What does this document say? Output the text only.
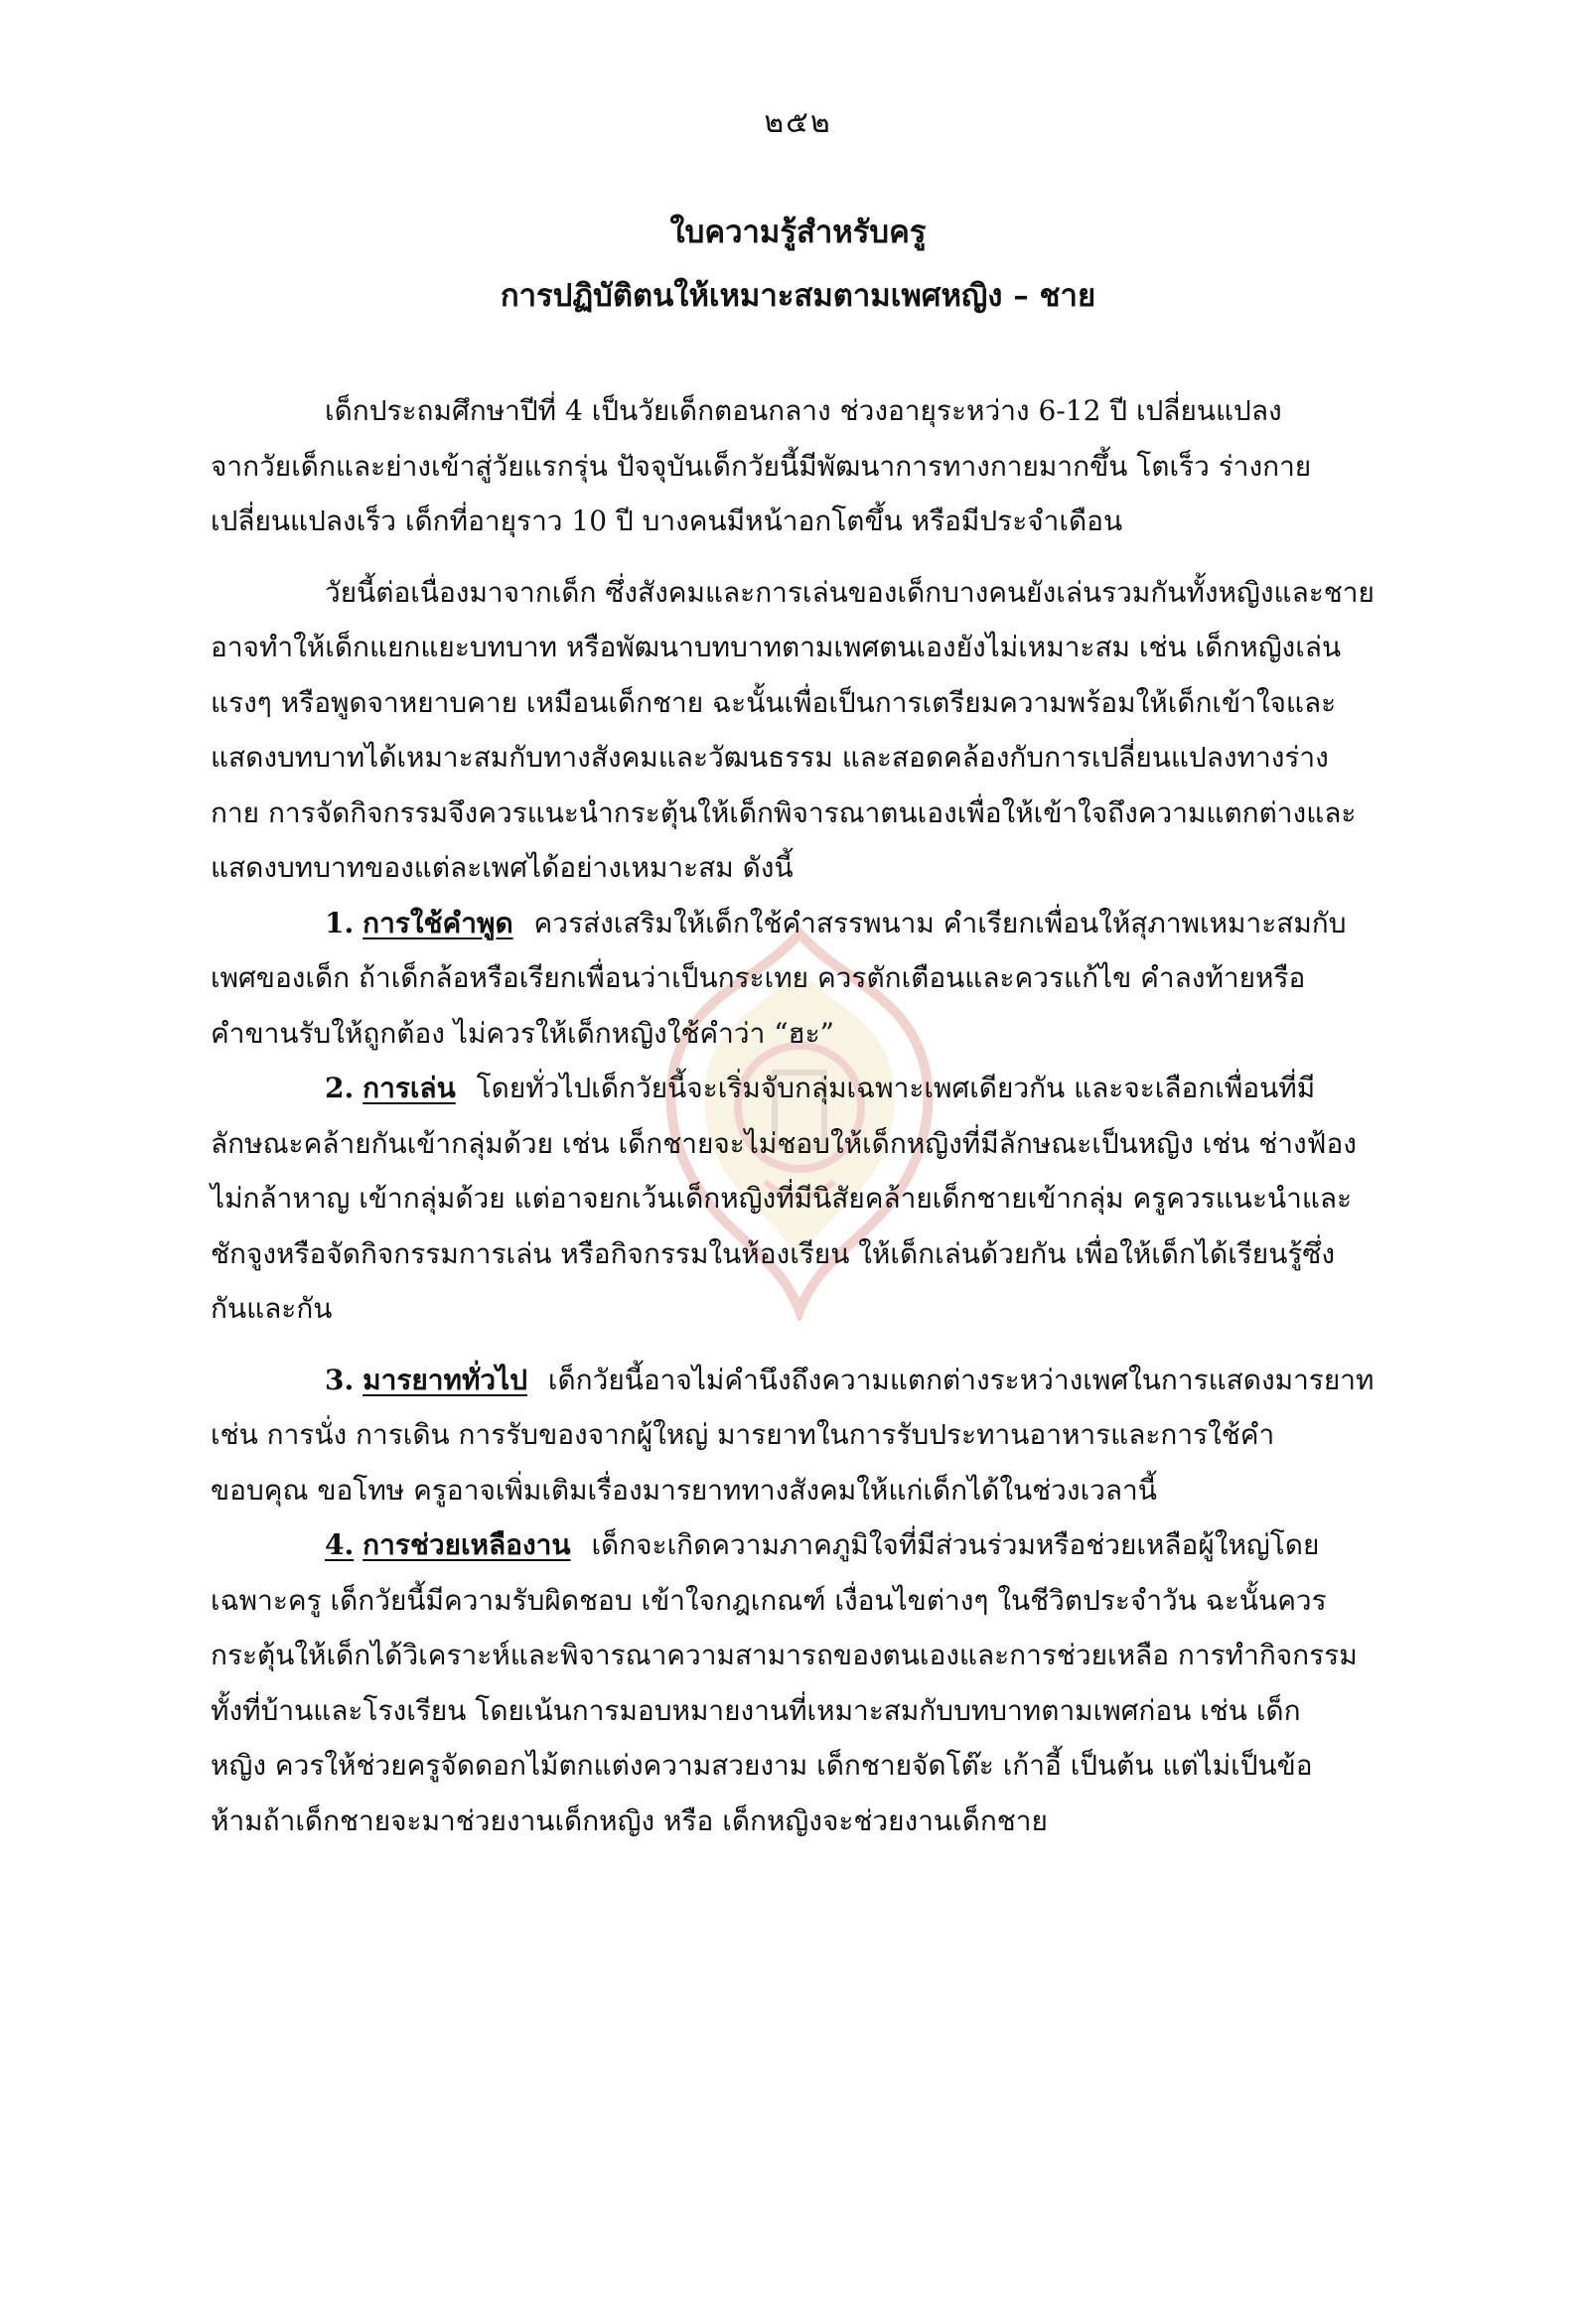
๒๕๒
ใบความรู้สำหรับครู
การปฏิบัติตนให้เหมาะสมตามเพศหญิง – ชาย
เด็กประถมศึกษาปีที่ 4 เป็นวัยเด็กตอนกลาง ช่วงอายุระหว่าง 6-12 ปี เปลี่ยนแปลง
จากวัยเด็กและย่างเข้าสู่วัยแรกรุ่น ปัจจุบันเด็กวัยนี้มีพัฒนาการทางกายมากขึ้น โตเร็ว ร่างกาย
เปลี่ยนแปลงเร็ว เด็กที่อายุราว 10 ปี บางคนมีหน้าอกโตขึ้น หรือมีประจำเดือน
วัยนี้ต่อเนื่องมาจากเด็ก ซึ่งสังคมและการเล่นของเด็กบางคนยังเล่นรวมกันทั้งหญิงและชาย
อาจทำให้เด็กแยกแยะบทบาท หรือพัฒนาบทบาทตามเพศตนเองยังไม่เหมาะสม เช่น เด็กหญิงเล่น
แรงๆ หรือพูดจาหยาบคาย เหมือนเด็กชาย ฉะนั้นเพื่อเป็นการเตรียมความพร้อมให้เด็กเข้าใจและ
แสดงบทบาทได้เหมาะสมกับทางสังคมและวัฒนธรรม และสอดคล้องกับการเปลี่ยนแปลงทางร่าง
กาย การจัดกิจกรรมจึงควรแนะนำกระตุ้นให้เด็กพิจารณาตนเองเพื่อให้เข้าใจถึงความแตกต่างและ
แสดงบทบาทของแต่ละเพศได้อย่างเหมาะสม ดังนี้
1. การใช้คำพูด ควรส่งเสริมให้เด็กใช้คำสรรพนาม คำเรียกเพื่อนให้สุภาพเหมาะสมกับ
เพศของเด็ก ถ้าเด็กล้อหรือเรียกเพื่อนว่าเป็นกระเทย ควรตักเตือนและควรแก้ไข คำลงท้ายหรือ
คำขานรับให้ถูกต้อง ไม่ควรให้เด็กหญิงใช้คำว่า “ฮะ”
2. การเล่น โดยทั่วไปเด็กวัยนี้จะเริ่มจับกลุ่มเฉพาะเพศเดียวกัน และจะเลือกเพื่อนที่มี
ลักษณะคล้ายกันเข้ากลุ่มด้วย เช่น เด็กชายจะไม่ชอบให้เด็กหญิงที่มีลักษณะเป็นหญิง เช่น ช่างฟ้อง
ไม่กล้าหาญ เข้ากลุ่มด้วย แต่อาจยกเว้นเด็กหญิงที่มีนิสัยคล้ายเด็กชายเข้ากลุ่ม ครูควรแนะนำและ
ชักจูงหรือจัดกิจกรรมการเล่น หรือกิจกรรมในห้องเรียน ให้เด็กเล่นด้วยกัน เพื่อให้เด็กได้เรียนรู้ซึ่ง
กันและกัน
3. มารยาททั่วไป เด็กวัยนี้อาจไม่คำนึงถึงความแตกต่างระหว่างเพศในการแสดงมารยาท
เช่น การนั่ง การเดิน การรับของจากผู้ใหญ่ มารยาทในการรับประทานอาหารและการใช้คำ
ขอบคุณ ขอโทษ ครูอาจเพิ่มเติมเรื่องมารยาททางสังคมให้แก่เด็กได้ในช่วงเวลานี้
4. การช่วยเหลืองาน เด็กจะเกิดความภาคภูมิใจที่มีส่วนร่วมหรือช่วยเหลือผู้ใหญ่โดย
เฉพาะครู เด็กวัยนี้มีความรับผิดชอบ เข้าใจกฎเกณฑ์ เงื่อนไขต่างๆ ในชีวิตประจำวัน ฉะนั้นควร
กระตุ้นให้เด็กได้วิเคราะห์และพิจารณาความสามารถของตนเองและการช่วยเหลือ การทำกิจกรรม
ทั้งที่บ้านและโรงเรียน โดยเน้นการมอบหมายงานที่เหมาะสมกับบทบาทตามเพศก่อน เช่น เด็ก
หญิง ควรให้ช่วยครูจัดดอกไม้ตกแต่งความสวยงาม เด็กชายจัดโต๊ะ เก้าอี้ เป็นต้น แต่ไม่เป็นข้อ
ห้ามถ้าเด็กชายจะมาช่วยงานเด็กหญิง หรือ เด็กหญิงจะช่วยงานเด็กชาย
